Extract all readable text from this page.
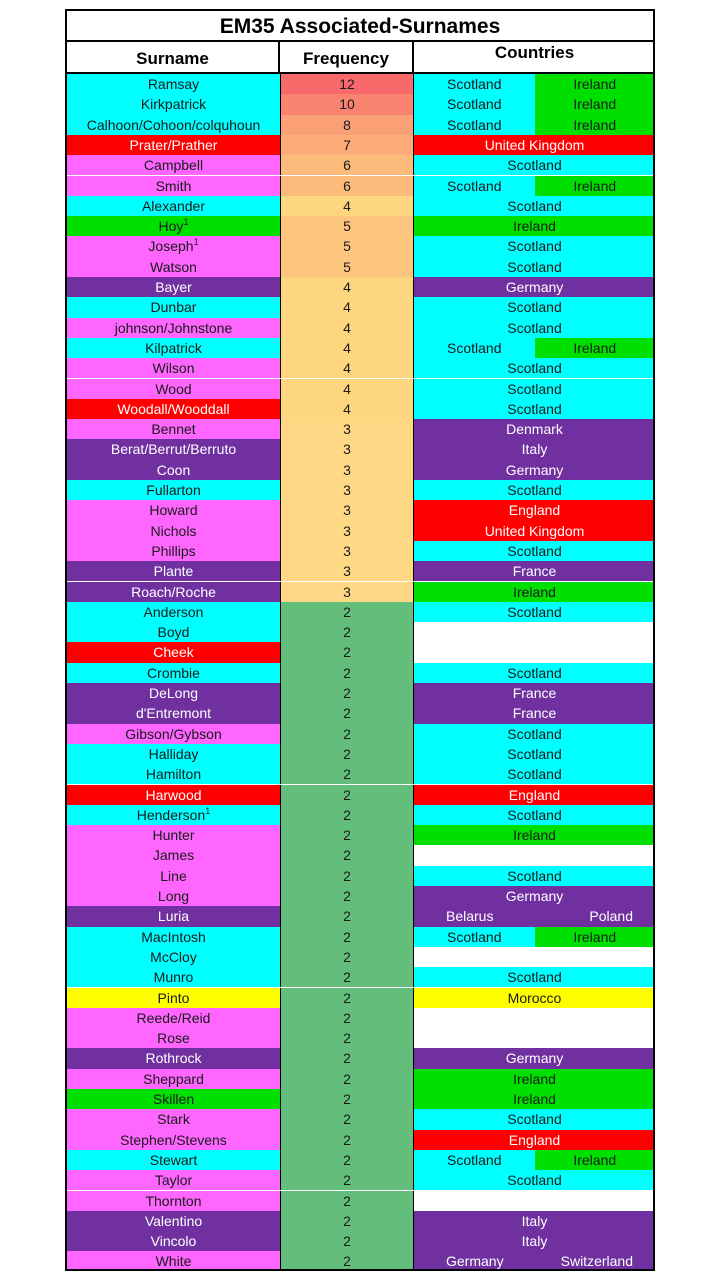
EM35 Associated-Surnames
Surname	Frequency	Countries
Ramsay	12	Scotland	Ireland
Kirkpatrick	10	Scotland	Ireland
Calhoon/Cohoon/colquhoun	8	Scotland	Ireland
Prater/Prather	7	United Kingdom
Campbell	6	Scotland
Smith	6	Scotland	Ireland
Alexander	4	Scotland
Hoy$^1$	5	Ireland
Joseph$^1$	5	Scotland
Watson	5	Scotland
Bayer	4	Germany
Dunbar	4	Scotland
johnson/Johnstone	4	Scotland
Kilpatrick	4	Scotland	Ireland
Wilson	4	Scotland
Wood	4	Scotland
Woodall/Wooddall	4	Scotland
Bennet	3	Denmark
Berat/Berrut/Berruto	3	Italy
Coon	3	Germany
Fullarton	3	Scotland
Howard	3	England
Nichols	3	United Kingdom
Phillips	3	Scotland
Plante	3	France
Roach/Roche	3	Ireland
Anderson	2	Scotland
Boyd	2
Cheek	2
Crombie	2	Scotland
DeLong	2	France
d'Entremont	2	France
Gibson/Gybson	2	Scotland
Halliday	2	Scotland
Hamilton	2	Scotland
Harwood	2	England
Henderson$^1$	2	Scotland
Hunter	2	Ireland
James	2
Line	2	Scotland
Long	2	Germany
Luria	2	Belarus	Poland
MacIntosh	2	Scotland	Ireland
McCloy	2
Munro	2	Scotland
Pinto	2	Morocco
Reede/Reid	2
Rose	2
Rothrock	2	Germany
Sheppard	2	Ireland
Skillen	2	Ireland
Stark	2	Scotland
Stephen/Stevens	2	England
Stewart	2	Scotland	Ireland
Taylor	2	Scotland
Thornton	2
Valentino	2	Italy
Vincolo	2	Italy
White	2	Germany	Switzerland
